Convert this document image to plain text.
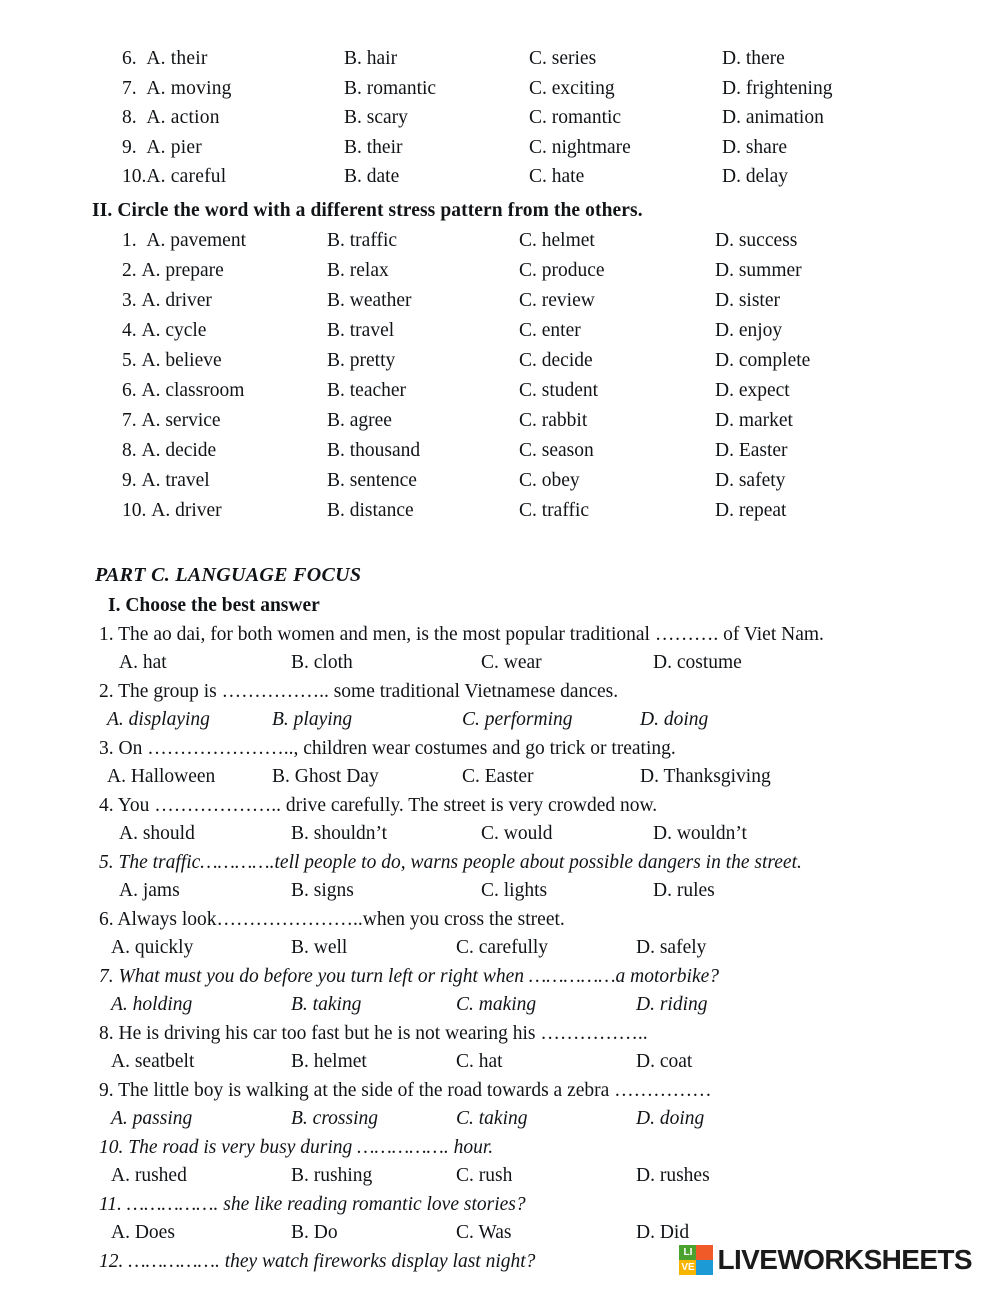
6. A. their	B. hair	C. series	D. there
7. A. moving	B. romantic	C. exciting	D. frightening
8. A. action	B. scary	C. romantic	D. animation
9. A. pier	B. their	C. nightmare	D. share
10.A. careful	B. date	C. hate	D. delay
II. Circle the word with a different stress pattern from the others.
1. A. pavement	B. traffic	C. helmet	D. success
2. A. prepare	B. relax	C. produce	D. summer
3. A. driver	B. weather	C. review	D. sister
4. A. cycle	B. travel	C. enter	D. enjoy
5. A. believe	B. pretty	C. decide	D. complete
6. A. classroom	B. teacher	C. student	D. expect
7. A. service	B. agree	C. rabbit	D. market
8. A. decide	B. thousand	C. season	D. Easter
9. A. travel	B. sentence	C. obey	D. safety
10. A. driver	B. distance	C. traffic	D. repeat
PART C. LANGUAGE FOCUS
I. Choose the best answer
1. The ao dai, for both women and men, is the most popular traditional ………. of Viet Nam.
A. hat	B. cloth	C. wear	D. costume
2. The group is …………….. some traditional Vietnamese dances.
A. displaying	B. playing	C. performing	D. doing
3. On ………………….., children wear costumes and go trick or treating.
A. Halloween	B. Ghost Day	C. Easter	D. Thanksgiving
4. You ……………….. drive carefully. The street is very crowded now.
A. should	B. shouldn’t	C. would	D. wouldn’t
5. The traffic………….tell people to do, warns people about possible dangers in the street.
A. jams	B. signs	C. lights	D. rules
6. Always look…………………..when you cross the street.
A. quickly	B. well	C. carefully	D. safely
7. What must you do before you turn left or right when ……………a motorbike?
A. holding	B. taking	C. making	D. riding
8. He is driving his car too fast but he is not wearing his ……………..
A. seatbelt	B. helmet	C. hat	D. coat
9. The little boy is walking at the side of the road towards a zebra ……………
A. passing	B. crossing	C. taking	D. doing
10. The road is very busy during ……………. hour.
A. rushed	B. rushing	C. rush	D. rushes
11. ……………. she like reading romantic love stories?
A. Does	B. Do	C. Was	D. Did
12. ……………. they watch fireworks display last night?	LI
VE LIVEWORKSHEETS
